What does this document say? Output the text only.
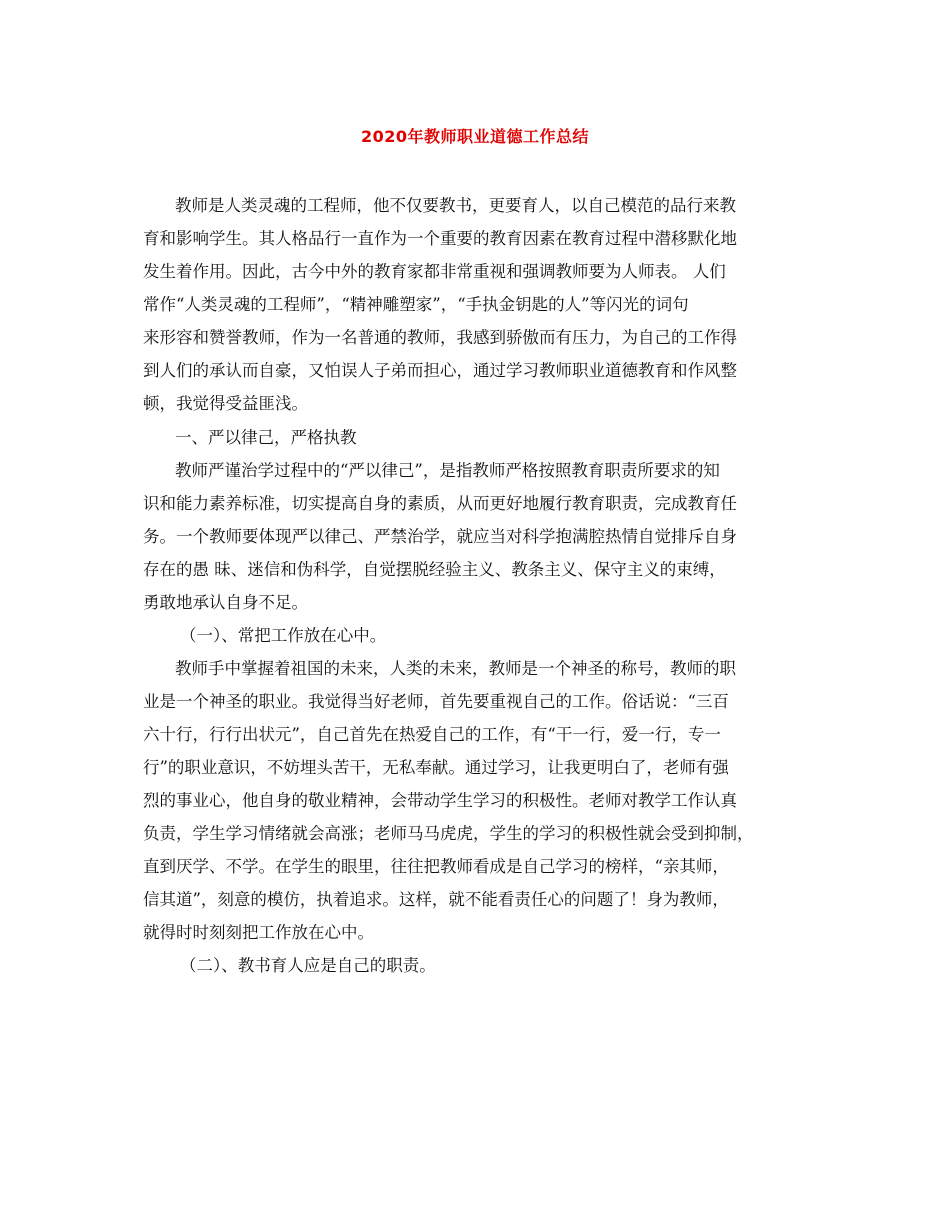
2020年教师职业道德工作总结
教师是人类灵魂的工程师，他不仅要教书，更要育人，以自己模范的品行来教
育和影响学生。其人格品行一直作为一个重要的教育因素在教育过程中潜移默化地
发生着作用。因此，古今中外的教育家都非常重视和强调教师要为人师表。 人们
常作“人类灵魂的工程师”，“精神雕塑家”，“手执金钥匙的人”等闪光的词句
来形容和赞誉教师，作为一名普通的教师，我感到骄傲而有压力，为自己的工作得
到人们的承认而自豪，又怕误人子弟而担心，通过学习教师职业道德教育和作风整
顿，我觉得受益匪浅。
一、严以律己，严格执教
教师严谨治学过程中的“严以律己”，是指教师严格按照教育职责所要求的知
识和能力素养标准，切实提高自身的素质，从而更好地履行教育职责，完成教育任
务。一个教师要体现严以律己、严禁治学，就应当对科学抱满腔热情自觉排斥自身
存在的愚 昧、迷信和伪科学，自觉摆脱经验主义、教条主义、保守主义的束缚，
勇敢地承认自身不足。
（一）、常把工作放在心中。
教师手中掌握着祖国的未来，人类的未来，教师是一个神圣的称号，教师的职
业是一个神圣的职业。我觉得当好老师，首先要重视自己的工作。俗话说：“三百
六十行，行行出状元”，自己首先在热爱自己的工作，有“干一行，爱一行，专一
行”的职业意识，不妨埋头苦干，无私奉献。通过学习，让我更明白了，老师有强
烈的事业心，他自身的敬业精神，会带动学生学习的积极性。老师对教学工作认真
负责，学生学习情绪就会高涨；老师马马虎虎，学生的学习的积极性就会受到抑制，
直到厌学、不学。在学生的眼里，往往把教师看成是自己学习的榜样，“亲其师，
信其道”，刻意的模仿，执着追求。这样，就不能看责任心的问题了！身为教师，
就得时时刻刻把工作放在心中。
（二）、教书育人应是自己的职责。
